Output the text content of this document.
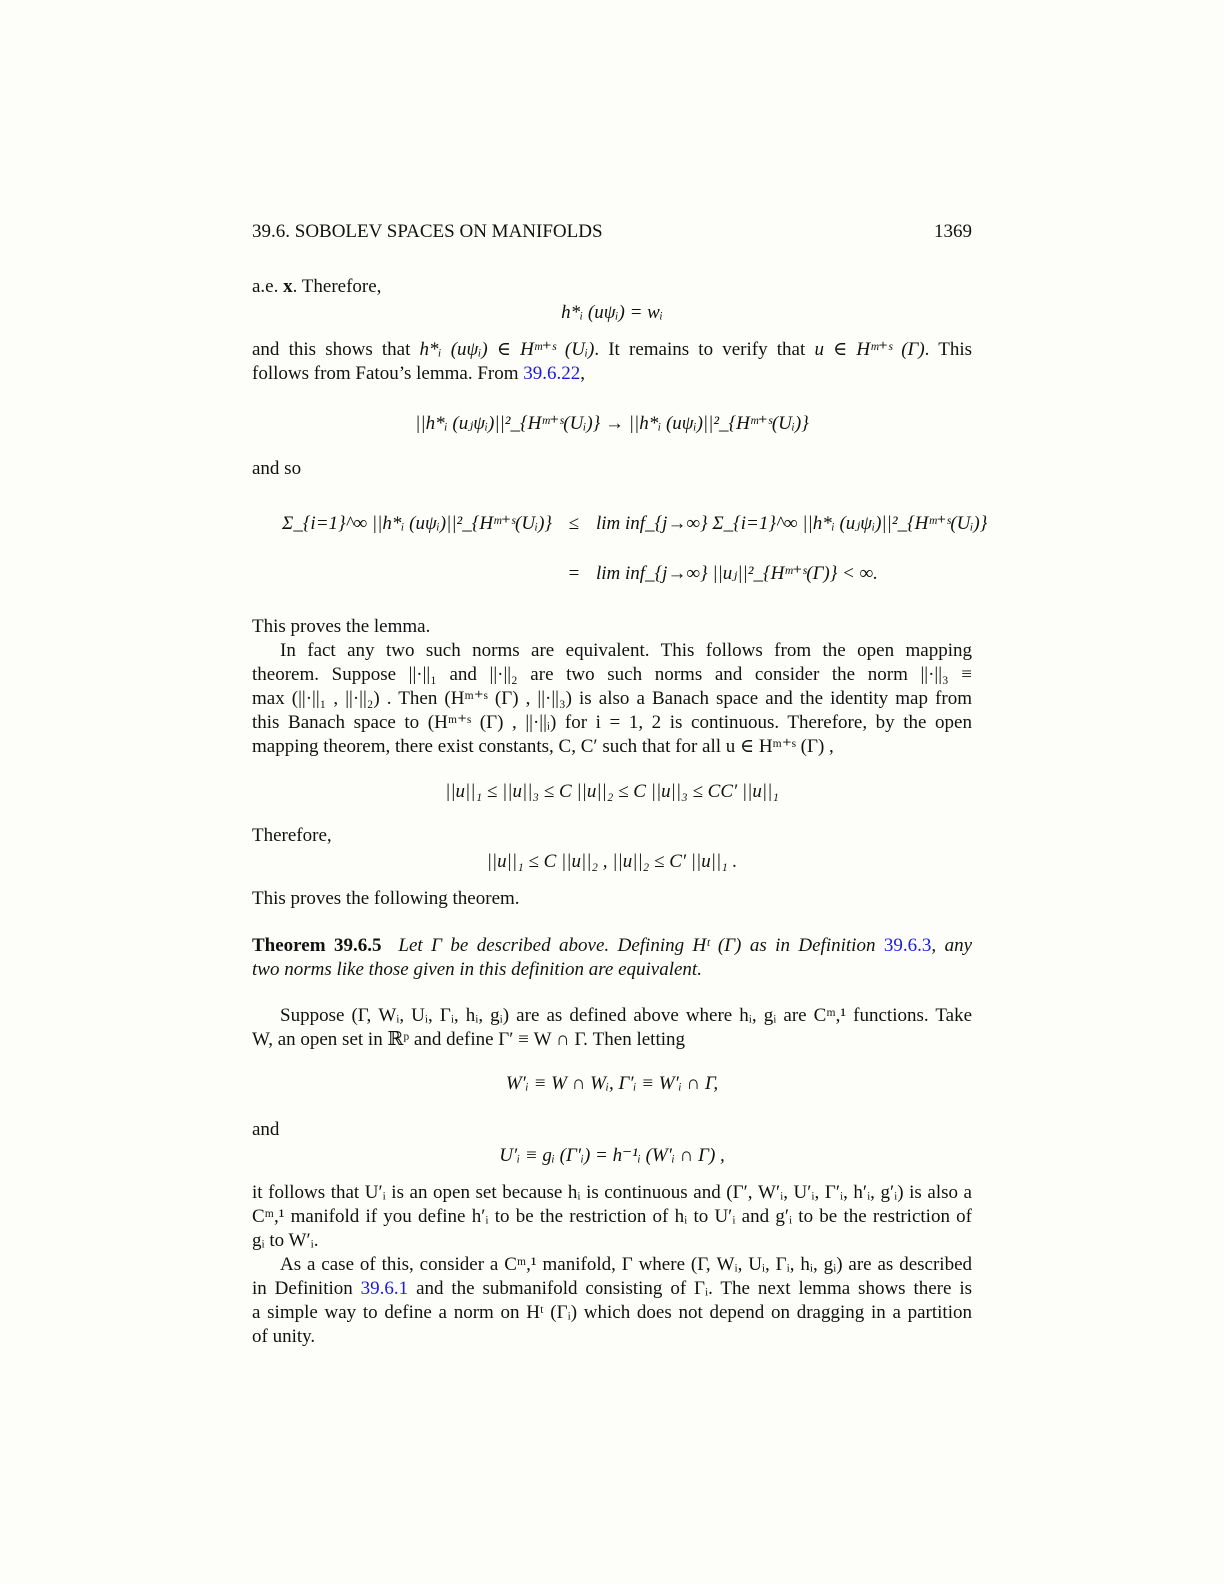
39.6. SOBOLEV SPACES ON MANIFOLDS	1369
a.e. x. Therefore,
h*ᵢ (uψᵢ) = wᵢ
and this shows that h*ᵢ (uψᵢ) ∈ Hᵐ⁺ˢ (Uᵢ). It remains to verify that u ∈ Hᵐ⁺ˢ (Γ). This
follows from Fatou’s lemma. From 39.6.22,
||h*ᵢ (uⱼψᵢ)||²_{Hᵐ⁺ˢ(Uᵢ)} → ||h*ᵢ (uψᵢ)||²_{Hᵐ⁺ˢ(Uᵢ)}
and so
Σ_{i=1}^∞ ||h*ᵢ (uψᵢ)||²_{Hᵐ⁺ˢ(Uᵢ)} ≤ lim inf_{j→∞} Σ_{i=1}^∞ ||h*ᵢ (uⱼψᵢ)||²_{Hᵐ⁺ˢ(Uᵢ)}
= lim inf_{j→∞} ||uⱼ||²_{Hᵐ⁺ˢ(Γ)} < ∞.
This proves the lemma.
In fact any two such norms are equivalent. This follows from the open mapping
theorem. Suppose ||·||₁ and ||·||₂ are two such norms and consider the norm ||·||₃ ≡
max (||·||₁ , ||·||₂) . Then (Hᵐ⁺ˢ (Γ) , ||·||₃) is also a Banach space and the identity map from
this Banach space to (Hᵐ⁺ˢ (Γ) , ||·||ᵢ) for i = 1, 2 is continuous. Therefore, by the open
mapping theorem, there exist constants, C, C′ such that for all u ∈ Hᵐ⁺ˢ (Γ) ,
||u||₁ ≤ ||u||₃ ≤ C ||u||₂ ≤ C ||u||₃ ≤ CC′ ||u||₁
Therefore,
||u||₁ ≤ C ||u||₂ , ||u||₂ ≤ C′ ||u||₁ .
This proves the following theorem.
Theorem 39.6.5 Let Γ be described above. Defining Hᵗ (Γ) as in Definition 39.6.3, any
two norms like those given in this definition are equivalent.
Suppose (Γ, Wᵢ, Uᵢ, Γᵢ, hᵢ, gᵢ) are as defined above where hᵢ, gᵢ are Cᵐ,¹ functions. Take
W, an open set in ℝᵖ and define Γ′ ≡ W ∩ Γ. Then letting
W′ᵢ ≡ W ∩ Wᵢ, Γ′ᵢ ≡ W′ᵢ ∩ Γ,
and
U′ᵢ ≡ gᵢ (Γ′ᵢ) = h⁻¹ᵢ (W′ᵢ ∩ Γ) ,
it follows that U′ᵢ is an open set because hᵢ is continuous and (Γ′, W′ᵢ, U′ᵢ, Γ′ᵢ, h′ᵢ, g′ᵢ) is also a
Cᵐ,¹ manifold if you define h′ᵢ to be the restriction of hᵢ to U′ᵢ and g′ᵢ to be the restriction of
gᵢ to W′ᵢ.
As a case of this, consider a Cᵐ,¹ manifold, Γ where (Γ, Wᵢ, Uᵢ, Γᵢ, hᵢ, gᵢ) are as described
in Definition 39.6.1 and the submanifold consisting of Γᵢ. The next lemma shows there is
a simple way to define a norm on Hᵗ (Γᵢ) which does not depend on dragging in a partition
of unity.
